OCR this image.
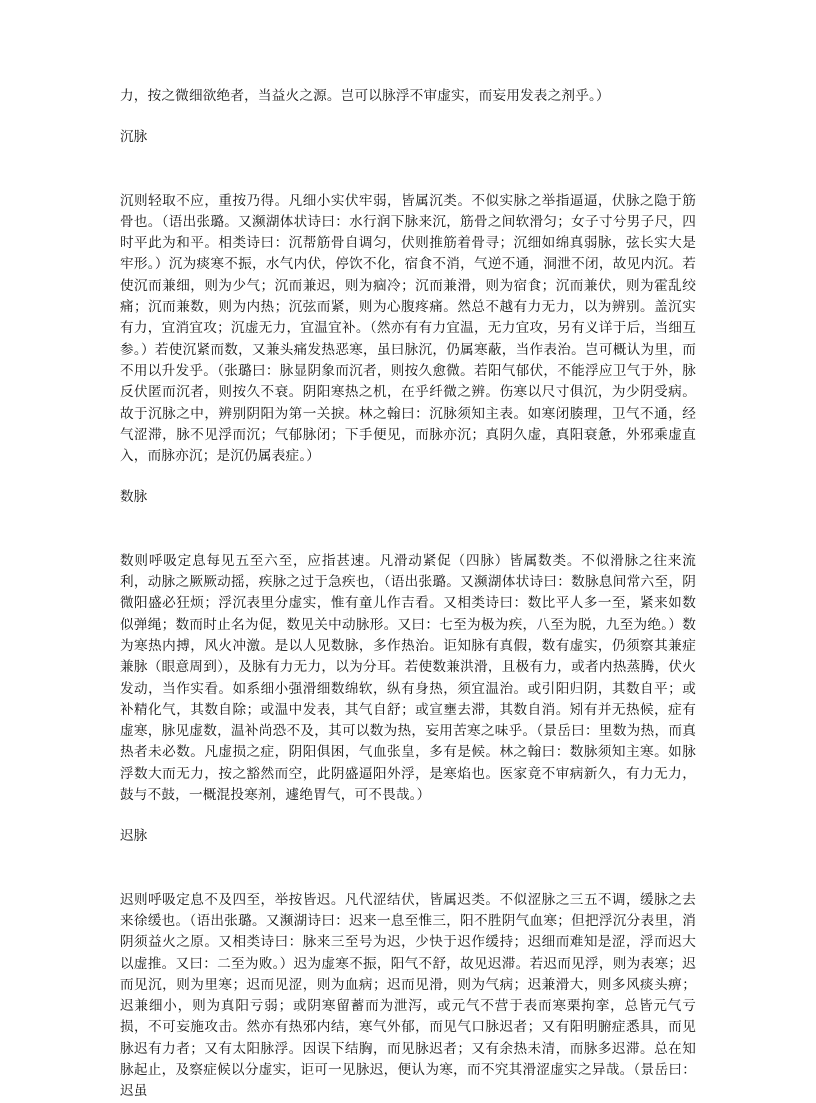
力，按之微细欲绝者，当益火之源。岂可以脉浮不审虚实，而妄用发表之剂乎。）

沉脉

沉则轻取不应，重按乃得。凡细小实伏牢弱，皆属沉类。不似实脉之举指逼逼，伏脉之隐于筋骨也。（语出张璐。又濒湖体状诗曰：水行润下脉来沉，筋骨之间软滑匀；女子寸兮男子尺，四时平此为和平。相类诗曰：沉帮筋骨自调匀，伏则推筋着骨寻；沉细如绵真弱脉，弦长实大是牢形。）沉为痰寒不振，水气内伏，停饮不化，宿食不消，气逆不通，洞泄不闭，故见内沉。若使沉而兼细，则为少气；沉而兼迟，则为痼冷；沉而兼滑，则为宿食；沉而兼伏，则为霍乱绞痛；沉而兼数，则为内热；沉弦而紧，则为心腹疼痛。然总不越有力无力，以为辨别。盖沉实有力，宜消宜攻；沉虚无力，宜温宜补。（然亦有有力宜温，无力宜攻，另有义详于后，当细互参。）若使沉紧而数，又兼头痛发热恶寒，虽曰脉沉，仍属寒蔽，当作表治。岂可概认为里，而不用以升发乎。（张璐曰：脉显阴象而沉者，则按久愈微。若阳气郁伏，不能浮应卫气于外，脉反伏匿而沉者，则按久不衰。阴阳寒热之机，在乎纤微之辨。伤寒以尺寸俱沉，为少阴受病。故于沉脉之中，辨别阴阳为第一关捩。林之翰曰：沉脉须知主表。如寒闭腠理，卫气不通，经气涩滞，脉不见浮而沉；气郁脉闭；下手便见，而脉亦沉；真阴久虚，真阳衰惫，外邪乘虚直入，而脉亦沉；是沉仍属表症。）

数脉

数则呼吸定息每见五至六至，应指甚速。凡滑动紧促（四脉）皆属数类。不似滑脉之往来流利，动脉之厥厥动摇，疾脉之过于急疾也，（语出张璐。又濒湖体状诗曰：数脉息间常六至，阴微阳盛必狂烦；浮沉表里分虚实，惟有童儿作吉看。又相类诗曰：数比平人多一至，紧来如数似弹绳；数而时止名为促，数见关中动脉形。又曰：七至为极为疾，八至为脱，九至为绝。）数为寒热内搏，风火冲激。是以人见数脉，多作热治。讵知脉有真假，数有虚实，仍须察其兼症兼脉（眼意周到），及脉有力无力，以为分耳。若使数兼洪滑，且极有力，或者内热蒸腾，伏火发动，当作实看。如系细小强滑细数绵软，纵有身热，须宜温治。或引阳归阴，其数自平；或补精化气，其数自除；或温中发表，其气自舒；或宣壅去滞，其数自消。矧有并无热候，症有虚寒，脉见虚数，温补尚恐不及，其可以数为热，妄用苦寒之味乎。（景岳曰：里数为热，而真热者未必数。凡虚损之症，阴阳俱困，气血张皇，多有是候。林之翰曰：数脉须知主寒。如脉浮数大而无力，按之豁然而空，此阴盛逼阳外浮，是寒焰也。医家竟不审病新久，有力无力，鼓与不鼓，一概混投寒剂，遽绝胃气，可不畏哉。）

迟脉

迟则呼吸定息不及四至，举按皆迟。凡代涩结伏，皆属迟类。不似涩脉之三五不调，缓脉之去来徐缓也。（语出张璐。又濒湖诗曰：迟来一息至惟三，阳不胜阴气血寒；但把浮沉分表里，消阴须益火之原。又相类诗曰：脉来三至号为迟，少快于迟作缓持；迟细而难知是涩，浮而迟大以虚推。又曰：二至为败。）迟为虚寒不振，阳气不舒，故见迟滞。若迟而见浮，则为表寒；迟而见沉，则为里寒；迟而见涩，则为血病；迟而见滑，则为气病；迟兼滑大，则多风痰头痹；迟兼细小，则为真阳亏弱；或阴寒留蓄而为泄泻，或元气不营于表而寒栗拘挛，总皆元气亏损，不可妄施攻击。然亦有热邪内结，寒气外郁，而见气口脉迟者；又有阳明腑症悉具，而见脉迟有力者；又有太阳脉浮。因误下结胸，而见脉迟者；又有余热未清，而脉多迟滞。总在知脉起止，及察症候以分虚实，讵可一见脉迟，便认为寒，而不究其滑涩虚实之异哉。（景岳曰：迟虽
